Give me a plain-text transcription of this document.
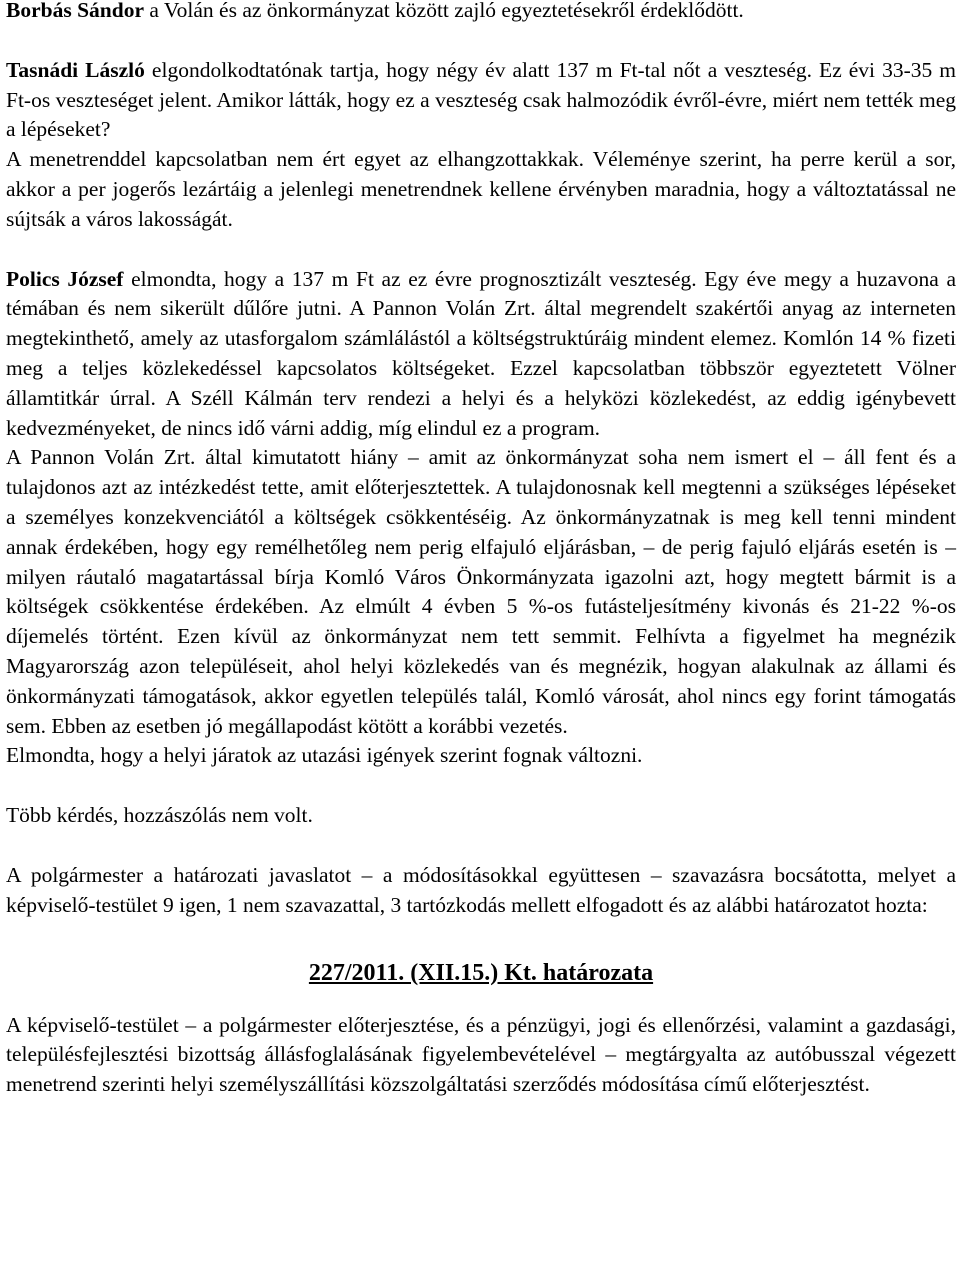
Borbás Sándor a Volán és az önkormányzat között zajló egyeztetésekről érdeklődött.

Tasnádi László elgondolkodtatónak tartja, hogy négy év alatt 137 m Ft-tal nőt a veszteség. Ez évi 33-35 m Ft-os veszteséget jelent. Amikor látták, hogy ez a veszteség csak halmozódik évről-évre, miért nem tették meg a lépéseket?

A menetrenddel kapcsolatban nem ért egyet az elhangzottakkak. Véleménye szerint, ha perre kerül a sor, akkor a per jogerős lezártáig a jelenlegi menetrendnek kellene érvényben maradnia, hogy a változtatással ne sújtsák a város lakosságát.

Polics József elmondta, hogy a 137 m Ft az ez évre prognosztizált veszteség. Egy éve megy a huzavona a témában és nem sikerült dűlőre jutni. A Pannon Volán Zrt. által megrendelt szakértői anyag az interneten megtekinthető, amely az utasforgalom számlálástól a költségstruktúráig mindent elemez. Komlón 14 % fizeti meg a teljes közlekedéssel kapcsolatos költségeket. Ezzel kapcsolatban többször egyeztetett Völner államtitkár úrral. A Széll Kálmán terv rendezi a helyi és a helyközi közlekedést, az eddig igénybevett kedvezményeket, de nincs idő várni addig, míg elindul ez a program.

A Pannon Volán Zrt. által kimutatott hiány – amit az önkormányzat soha nem ismert el – áll fent és a tulajdonos azt az intézkedést tette, amit előterjesztettek. A tulajdonosnak kell megtenni a szükséges lépéseket a személyes konzekvenciától a költségek csökkentéséig. Az önkormányzatnak is meg kell tenni mindent annak érdekében, hogy egy remélhetőleg nem perig elfajuló eljárásban, – de perig fajuló eljárás esetén is – milyen ráutaló magatartással bírja Komló Város Önkormányzata igazolni azt, hogy megtett bármit is a költségek csökkentése érdekében. Az elmúlt 4 évben 5 %-os futásteljesítmény kivonás és 21-22 %-os díjemelés történt. Ezen kívül az önkormányzat nem tett semmit. Felhívta a figyelmet ha megnézik Magyarország azon településeit, ahol helyi közlekedés van és megnézik, hogyan alakulnak az állami és önkormányzati támogatások, akkor egyetlen település talál, Komló városát, ahol nincs egy forint támogatás sem. Ebben az esetben jó megállapodást kötött a korábbi vezetés.

Elmondta, hogy a helyi járatok az utazási igények szerint fognak változni.

Több kérdés, hozzászólás nem volt.

A polgármester a határozati javaslatot – a módosításokkal együttesen – szavazásra bocsátotta, melyet a képviselő-testület 9 igen, 1 nem szavazattal, 3 tartózkodás mellett elfogadott és az alábbi határozatot hozta:

227/2011. (XII.15.) Kt. határozata

A képviselő-testület – a polgármester előterjesztése, és a pénzügyi, jogi és ellenőrzési, valamint a gazdasági, településfejlesztési bizottság állásfoglalásának figyelembevételével – megtárgyalta az autóbusszal végezett menetrend szerinti helyi személyszállítási közszolgáltatási szerződés módosítása című előterjesztést.
